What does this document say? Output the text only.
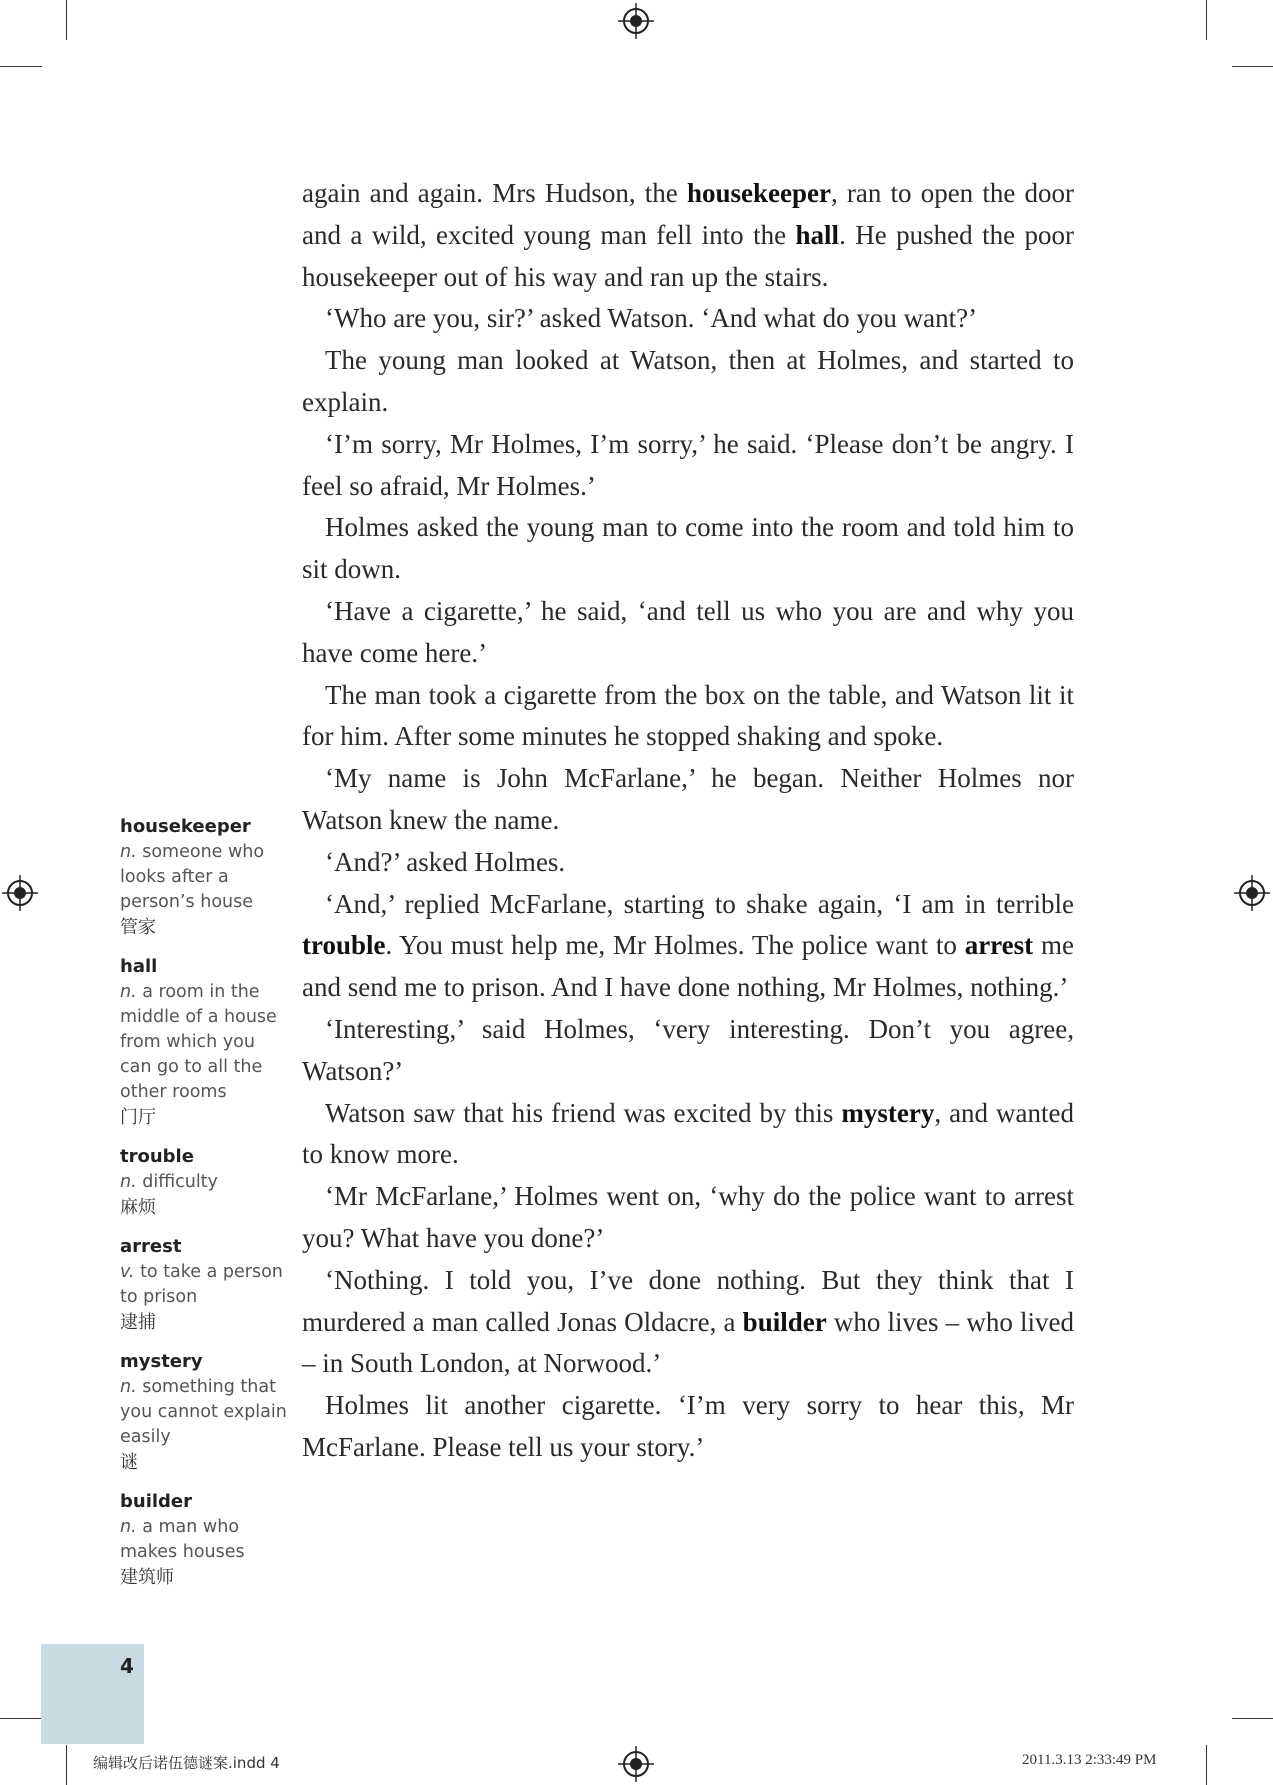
again and again. Mrs Hudson, the housekeeper, ran to open the door and a wild, excited young man fell into the hall. He pushed the poor housekeeper out of his way and ran up the stairs.

‘Who are you, sir?’ asked Watson. ‘And what do you want?’

The young man looked at Watson, then at Holmes, and started to explain.

‘I’m sorry, Mr Holmes, I’m sorry,’ he said. ‘Please don’t be angry. I feel so afraid, Mr Holmes.’

Holmes asked the young man to come into the room and told him to sit down.

‘Have a cigarette,’ he said, ‘and tell us who you are and why you have come here.’

The man took a cigarette from the box on the table, and Watson lit it for him. After some minutes he stopped shaking and spoke.

‘My name is John McFarlane,’ he began. Neither Holmes nor Watson knew the name.

‘And?’ asked Holmes.

‘And,’ replied McFarlane, starting to shake again, ‘I am in terrible trouble. You must help me, Mr Holmes. The police want to arrest me and send me to prison. And I have done nothing, Mr Holmes, nothing.’

‘Interesting,’ said Holmes, ‘very interesting. Don’t you agree, Watson?’

Watson saw that his friend was excited by this mystery, and wanted to know more.

‘Mr McFarlane,’ Holmes went on, ‘why do the police want to arrest you? What have you done?’

‘Nothing. I told you, I’ve done nothing. But they think that I murdered a man called Jonas Oldacre, a builder who lives – who lived – in South London, at Norwood.’

Holmes lit another cigarette. ‘I’m very sorry to hear this, Mr McFarlane. Please tell us your story.’

housekeeper
n. someone who looks after a person’s house
管家
hall
n. a room in the middle of a house from which you can go to all the other rooms
门厅
trouble
n. difficulty
麻烦
arrest
v. to take a person to prison
逮捕
mystery
n. something that you cannot explain easily
谜
builder
n. a man who makes houses
建筑师
4
编辑改后诺伍德谜案.indd 4	2011.3.13 2:33:49 PM
